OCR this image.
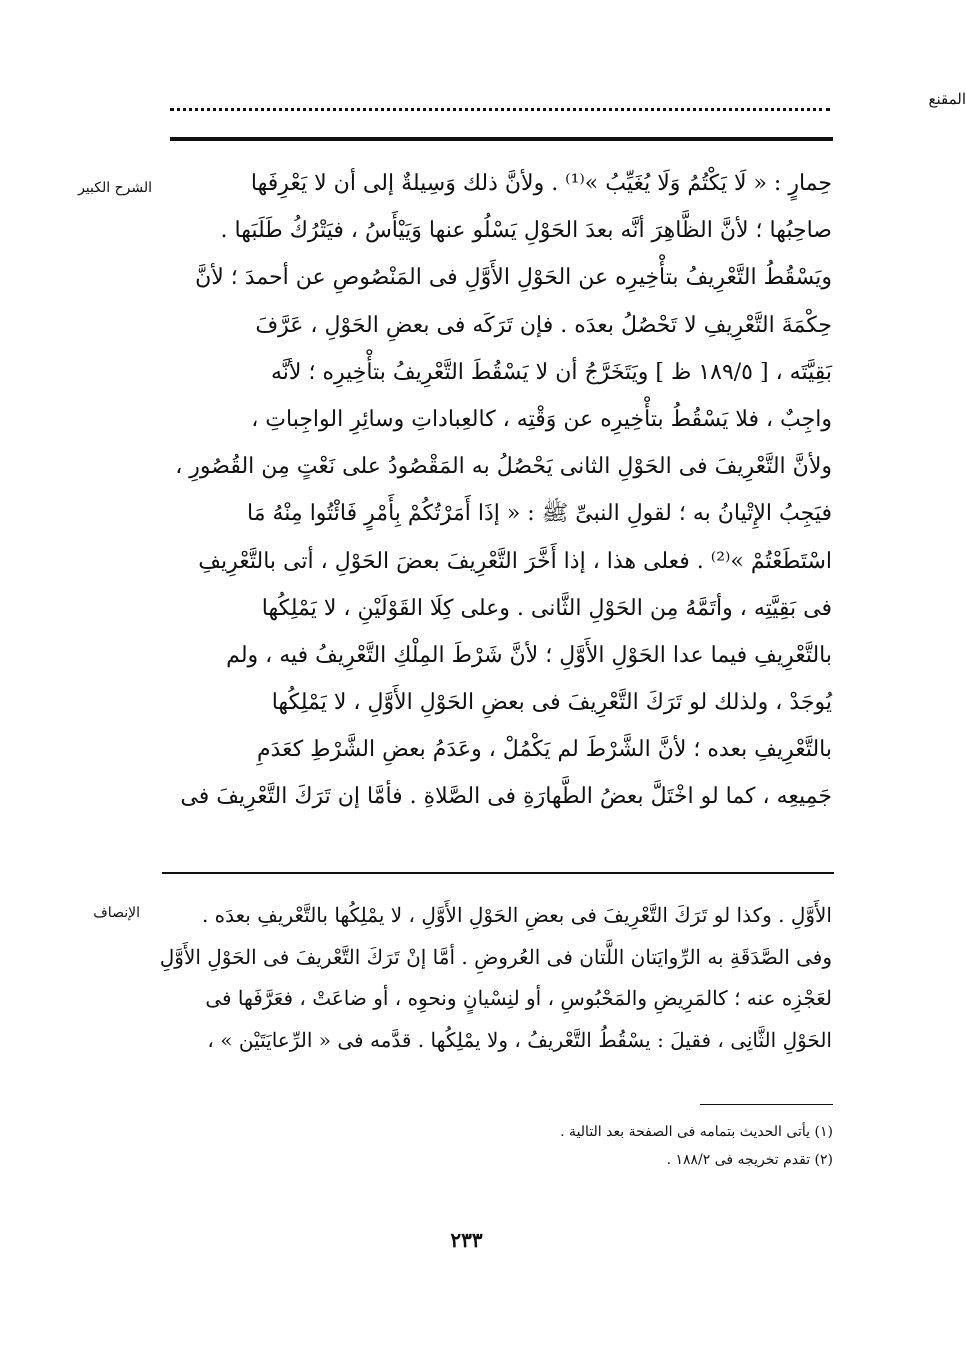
المقنع
الشرح الكبير	حِمارٍ : « لَا يَكْتُمُ وَلَا يُغَيِّبُ »⁽¹⁾ . ولأنَّ ذلك وَسِيلةٌ إلى أن لا يَعْرِفَها
صاحِبُها ؛ لأنَّ الظَّاهِرَ أنَّه بعدَ الحَوْلِ يَسْلُو عنها وَيَيْأَسُ ، فيَتْرُكُ طَلَبَها .
ويَسْقُطُ التَّعْرِيفُ بتأْخِيرِه عن الحَوْلِ الأَوَّلِ فى المَنْصُوصِ عن أحمدَ ؛ لأنَّ
حِكْمَةَ التَّعْرِيفِ لا تَحْصُلُ بعدَه . فإن تَرَكَه فى بعضِ الحَوْلِ ، عَرَّفَ
بَقِيَّتَه ، [ ١٨٩/٥ ظ ] ويَتَخَرَّجُ أن لا يَسْقُطَ التَّعْرِيفُ بتأْخِيرِه ؛ لأنَّه
واجِبٌ ، فلا يَسْقُطُ بتأْخِيرِه عن وَقْتِه ، كالعِباداتِ وسائِرِ الواجِباتِ ،
ولأنَّ التَّعْرِيفَ فى الحَوْلِ الثانى يَحْصُلُ به المَقْصُودُ على نَعْتٍ مِن القُصُورِ ،
فيَجِبُ الإِتْيانُ به ؛ لقولِ النبىِّ ﷺ : « إذَا أَمَرْتُكُمْ بِأَمْرٍ فَائْتُوا مِنْهُ مَا
اسْتَطَعْتُمْ »⁽²⁾ . فعلى هذا ، إذا أَخَّرَ التَّعْرِيفَ بعضَ الحَوْلِ ، أتى بالتَّعْرِيفِ
فى بَقِيَّتِه ، وأتَمَّهُ مِن الحَوْلِ الثَّانى . وعلى كِلَا القَوْلَيْنِ ، لا يَمْلِكُها
بالتَّعْرِيفِ فيما عدا الحَوْلِ الأَوَّلِ ؛ لأنَّ شَرْطَ المِلْكِ التَّعْرِيفُ فيه ، ولم
يُوجَدْ ، ولذلك لو تَرَكَ التَّعْرِيفَ فى بعضِ الحَوْلِ الأَوَّلِ ، لا يَمْلِكُها
بالتَّعْرِيفِ بعده ؛ لأنَّ الشَّرْطَ لم يَكْمُلْ ، وعَدَمُ بعضِ الشَّرْطِ كعَدَمِ
جَمِيعِه ، كما لو اخْتَلَّ بعضُ الطَّهارَةِ فى الصَّلاةِ . فأمَّا إن تَرَكَ التَّعْرِيفَ فى
الإنصاف	الأَوَّلِ . وكذا لو تَرَكَ التَّعْرِيفَ فى بعضِ الحَوْلِ الأَوَّلِ ، لا يمْلِكُها بالتَّعْريفِ بعدَه .
وفى الصَّدَقَةِ به الرِّوايَتان اللَّتان فى العُروضِ . أمَّا إنْ تَرَكَ التَّعْريفَ فى الحَوْلِ الأَوَّلِ
لعَجْزِه عنه ؛ كالمَرِيضِ والمَحْبُوسِ ، أو لنِسْيانٍ ونحوِه ، أو ضاعَتْ ، فعَرَّفَها فى
الحَوْلِ الثَّانِى ، فقيلَ : يسْقُطُ التَّعْريفُ ، ولا يمْلِكُها . قدَّمه فى « الرِّعايَتَيْن » ،
(١) يأتى الحديث بتمامه فى الصفحة بعد التالية .
(٢) تقدم تخريجه فى ١٨٨/٢ .
٢٣٣
